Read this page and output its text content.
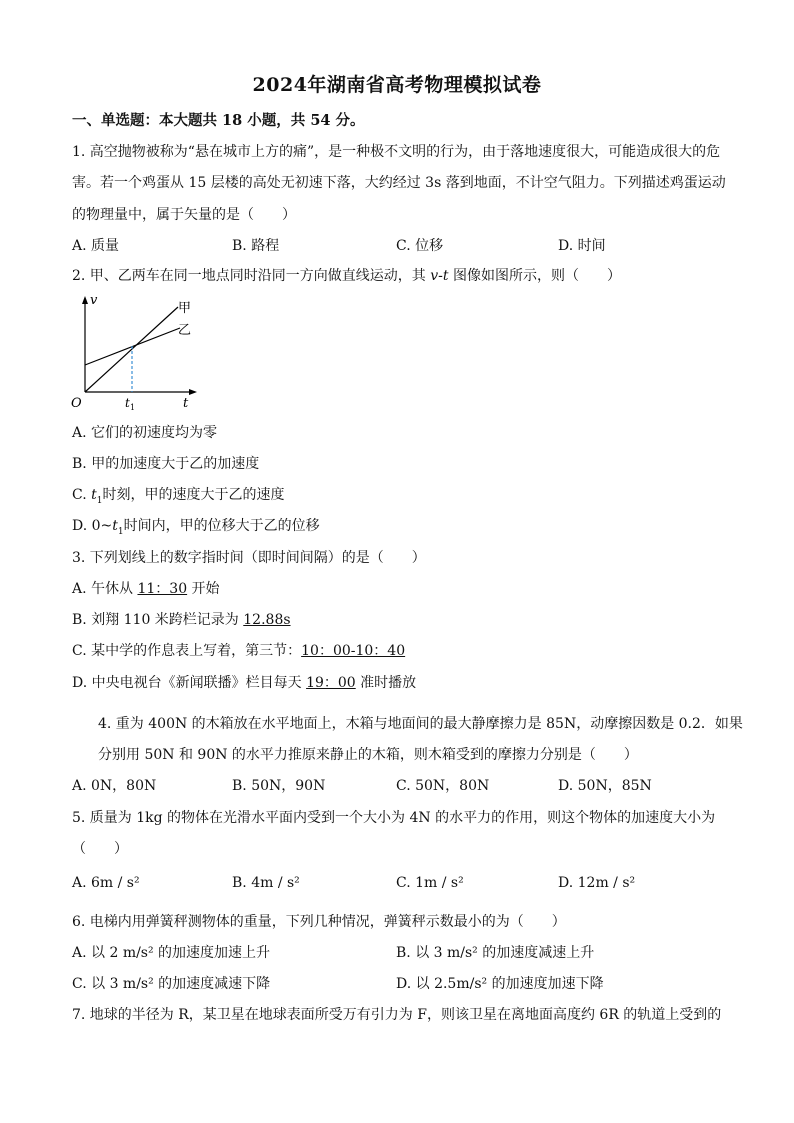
2024年湖南省高考物理模拟试卷
一、单选题：本大题共 18 小题，共 54 分。
1. 高空抛物被称为“悬在城市上方的痛”，是一种极不文明的行为，由于落地速度很大，可能造成很大的危
害。若一个鸡蛋从 15 层楼的高处无初速下落，大约经过 3s 落到地面，不计空气阻力。下列描述鸡蛋运动
的物理量中，属于矢量的是（　　）
A. 质量	B. 路程	C. 位移	D. 时间
2. 甲、乙两车在同一地点同时沿同一方向做直线运动，其 v-t 图像如图所示，则（　　）
v
t
O	t 1
甲
乙
A. 它们的初速度均为零
B. 甲的加速度大于乙的加速度
C. $t_1$时刻，甲的速度大于乙的速度
D. $0\sim t_1$时间内，甲的位移大于乙的位移
3. 下列划线上的数字指时间（即时间间隔）的是（　　）
A. 午休从 11：30 开始
B. 刘翔 110 米跨栏记录为 12.88s
C. 某中学的作息表上写着，第三节：10：00-10：40
D. 中央电视台《新闻联播》栏目每天 19：00 准时播放
4. 重为 400N 的木箱放在水平地面上，木箱与地面间的最大静摩擦力是 85N，动摩擦因数是 0.2．如果
分别用 50N 和 90N 的水平力推原来静止的木箱，则木箱受到的摩擦力分别是（　　）
A. 0N，80N	B. 50N，90N	C. 50N，80N	D. 50N，85N
5. 质量为 1kg 的物体在光滑水平面内受到一个大小为 4N 的水平力的作用，则这个物体的加速度大小为
（　　）
A. 6m / s²	B. 4m / s²	C. 1m / s²	D. 12m / s²
6. 电梯内用弹簧秤测物体的重量，下列几种情况，弹簧秤示数最小的为（　　）
A. 以 2 m/s² 的加速度加速上升	B. 以 3 m/s² 的加速度减速上升
C. 以 3 m/s² 的加速度减速下降	D. 以 2.5m/s² 的加速度加速下降
7. 地球的半径为 R，某卫星在地球表面所受万有引力为 F，则该卫星在离地面高度约 6R 的轨道上受到的
